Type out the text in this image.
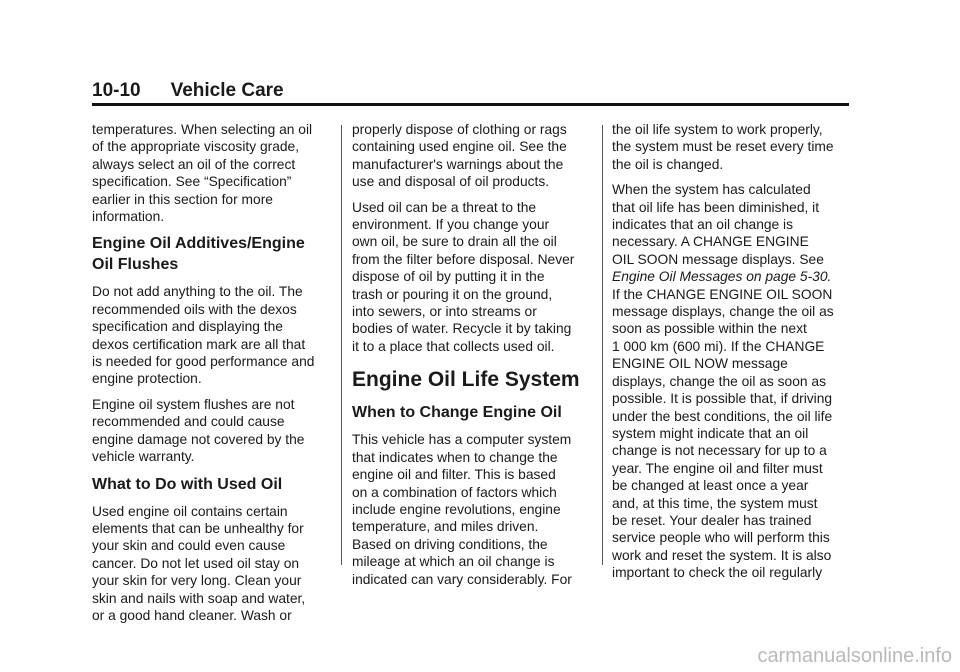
10-10 Vehicle Care

temperatures. When selecting an oil
of the appropriate viscosity grade,
always select an oil of the correct
specification. See “Specification”
earlier in this section for more
information.

Engine Oil Additives/Engine
Oil Flushes

Do not add anything to the oil. The
recommended oils with the dexos
specification and displaying the
dexos certification mark are all that
is needed for good performance and
engine protection.

Engine oil system flushes are not
recommended and could cause
engine damage not covered by the
vehicle warranty.

What to Do with Used Oil

Used engine oil contains certain
elements that can be unhealthy for
your skin and could even cause
cancer. Do not let used oil stay on
your skin for very long. Clean your
skin and nails with soap and water,
or a good hand cleaner. Wash or

properly dispose of clothing or rags
containing used engine oil. See the
manufacturer's warnings about the
use and disposal of oil products.

Used oil can be a threat to the
environment. If you change your
own oil, be sure to drain all the oil
from the filter before disposal. Never
dispose of oil by putting it in the
trash or pouring it on the ground,
into sewers, or into streams or
bodies of water. Recycle it by taking
it to a place that collects used oil.

Engine Oil Life System
When to Change Engine Oil

This vehicle has a computer system
that indicates when to change the
engine oil and filter. This is based
on a combination of factors which
include engine revolutions, engine
temperature, and miles driven.
Based on driving conditions, the
mileage at which an oil change is
indicated can vary considerably. For

the oil life system to work properly,
the system must be reset every time
the oil is changed.

When the system has calculated
that oil life has been diminished, it
indicates that an oil change is
necessary. A CHANGE ENGINE
OIL SOON message displays. See
Engine Oil Messages on page 5-30.
If the CHANGE ENGINE OIL SOON
message displays, change the oil as
soon as possible within the next
1 000 km (600 mi). If the CHANGE
ENGINE OIL NOW message
displays, change the oil as soon as
possible. It is possible that, if driving
under the best conditions, the oil life
system might indicate that an oil
change is not necessary for up to a
year. The engine oil and filter must
be changed at least once a year
and, at this time, the system must
be reset. Your dealer has trained
service people who will perform this
work and reset the system. It is also
important to check the oil regularly

carmanualsonline.info
